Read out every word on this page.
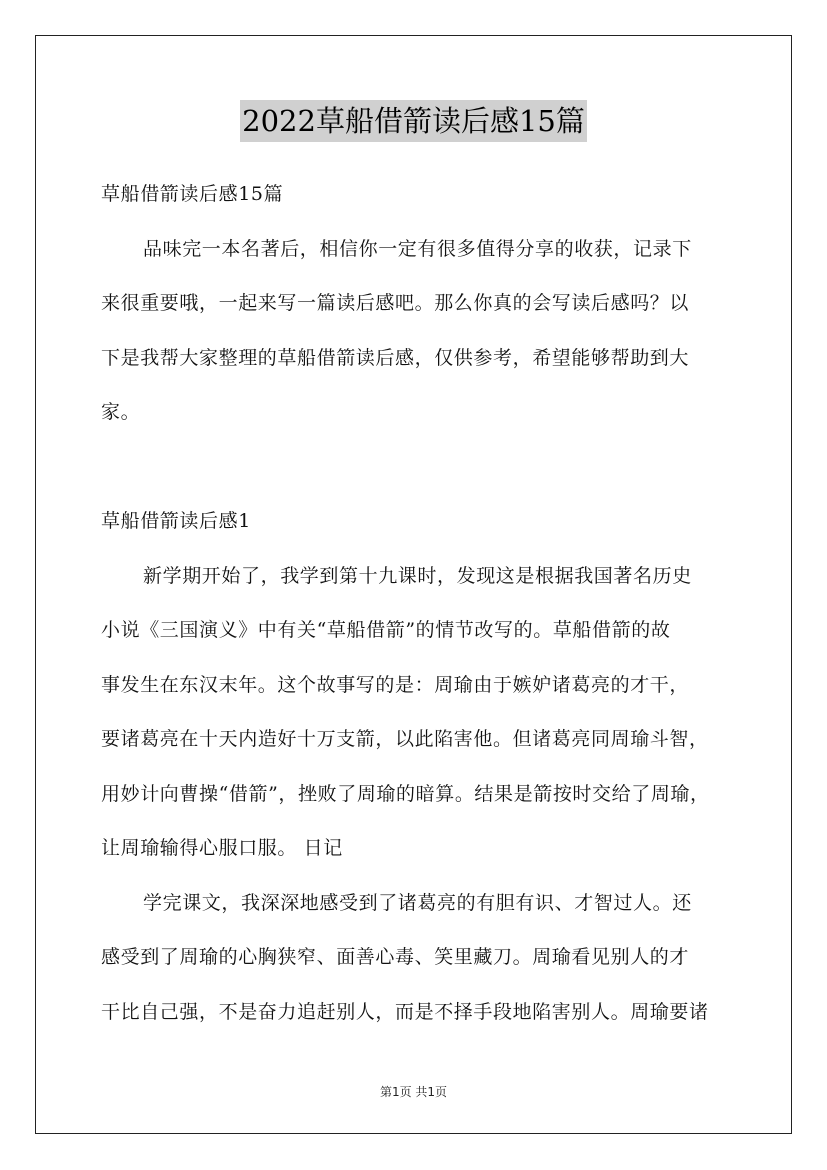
2022草船借箭读后感15篇
草船借箭读后感15篇
品味完一本名著后，相信你一定有很多值得分享的收获，记录下
来很重要哦，一起来写一篇读后感吧。那么你真的会写读后感吗？以
下是我帮大家整理的草船借箭读后感，仅供参考，希望能够帮助到大
家。
草船借箭读后感1
新学期开始了，我学到第十九课时，发现这是根据我国著名历史
小说《三国演义》中有关“草船借箭”的情节改写的。草船借箭的故
事发生在东汉末年。这个故事写的是：周瑜由于嫉妒诸葛亮的才干，
要诸葛亮在十天内造好十万支箭，以此陷害他。但诸葛亮同周瑜斗智，
用妙计向曹操“借箭”，挫败了周瑜的暗算。结果是箭按时交给了周瑜，
让周瑜输得心服口服。 日记
学完课文，我深深地感受到了诸葛亮的有胆有识、才智过人。还
感受到了周瑜的心胸狭窄、面善心毒、笑里藏刀。周瑜看见别人的才
干比自己强，不是奋力追赶别人，而是不择手段地陷害别人。周瑜要诸
第1页 共1页
